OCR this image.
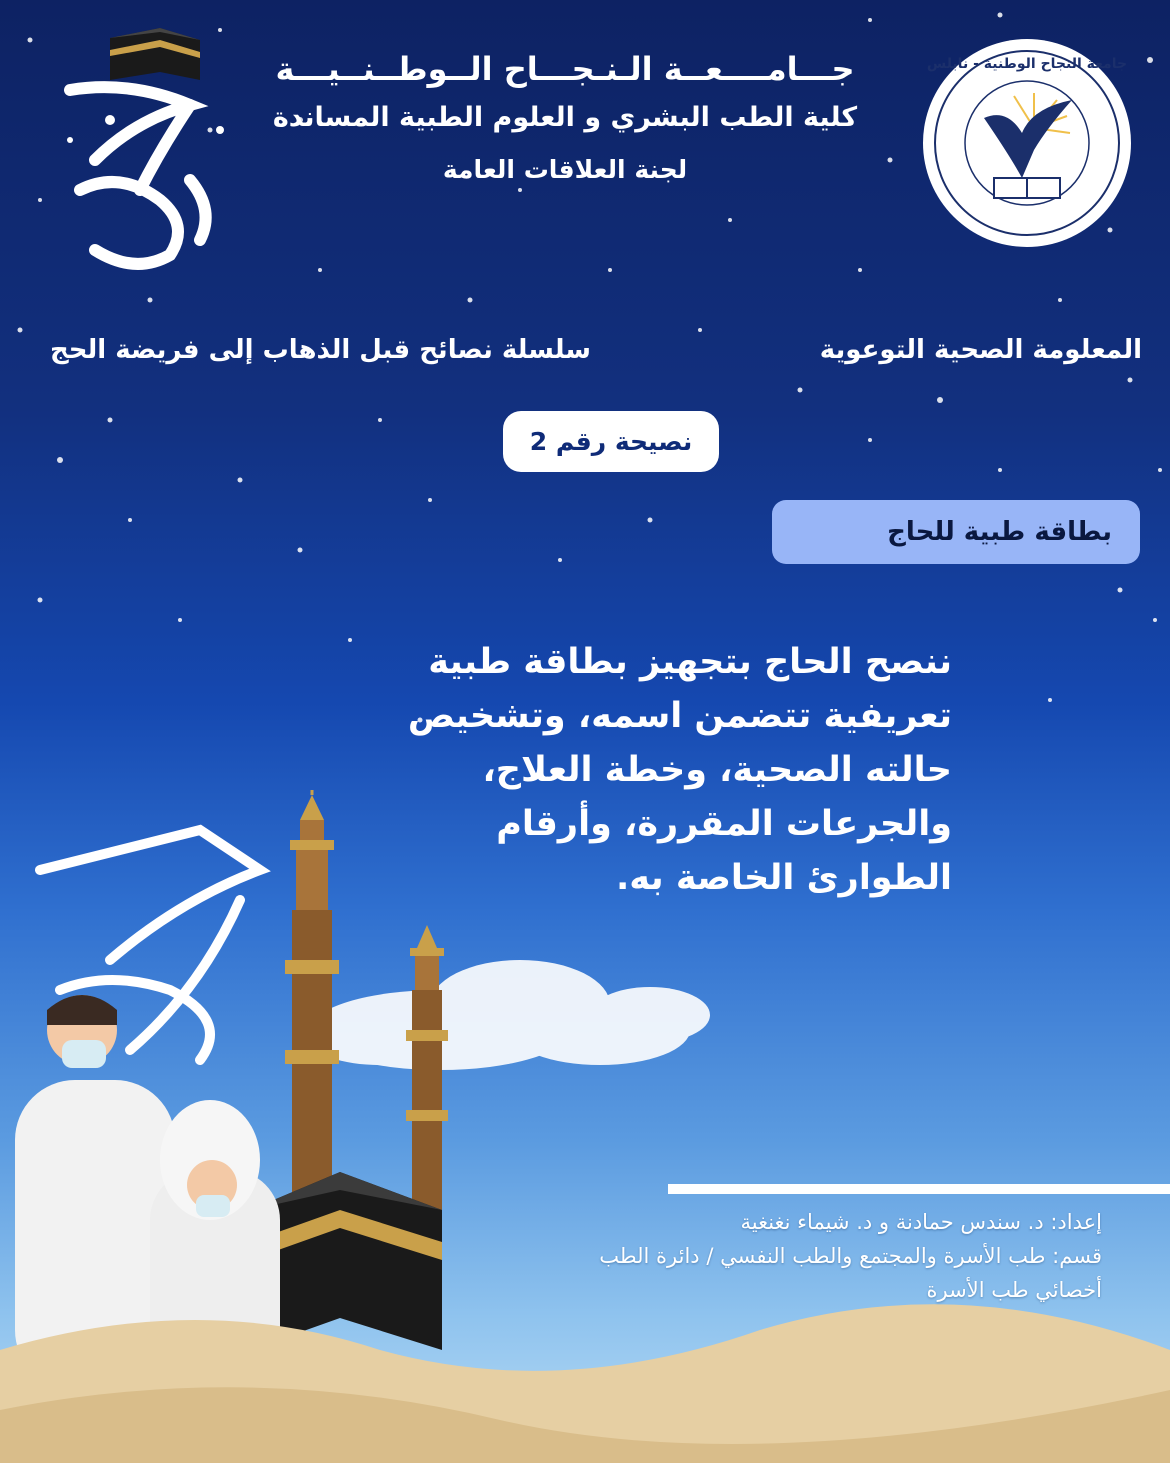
جـــامــــعــة الـنـجـــاح الــوطــنــيـــة
كلية الطب البشري و العلوم الطبية المساندة
لجنة العلاقات العامة
جامعة النجاح الوطنية - نابلس
المعلومة الصحية التوعوية
سلسلة نصائح قبل الذهاب إلى فريضة الحج
نصيحة رقم 2
بطاقة طبية للحاج
ننصح الحاج بتجهيز بطاقة طبية
تعريفية تتضمن اسمه، وتشخيص
حالته الصحية، وخطة العلاج،
والجرعات المقررة، وأرقام
الطوارئ الخاصة به.
إعداد: د. سندس حمادنة و د. شيماء نغنغية
قسم: طب الأسرة والمجتمع والطب النفسي / دائرة الطب
أخصائي طب الأسرة
